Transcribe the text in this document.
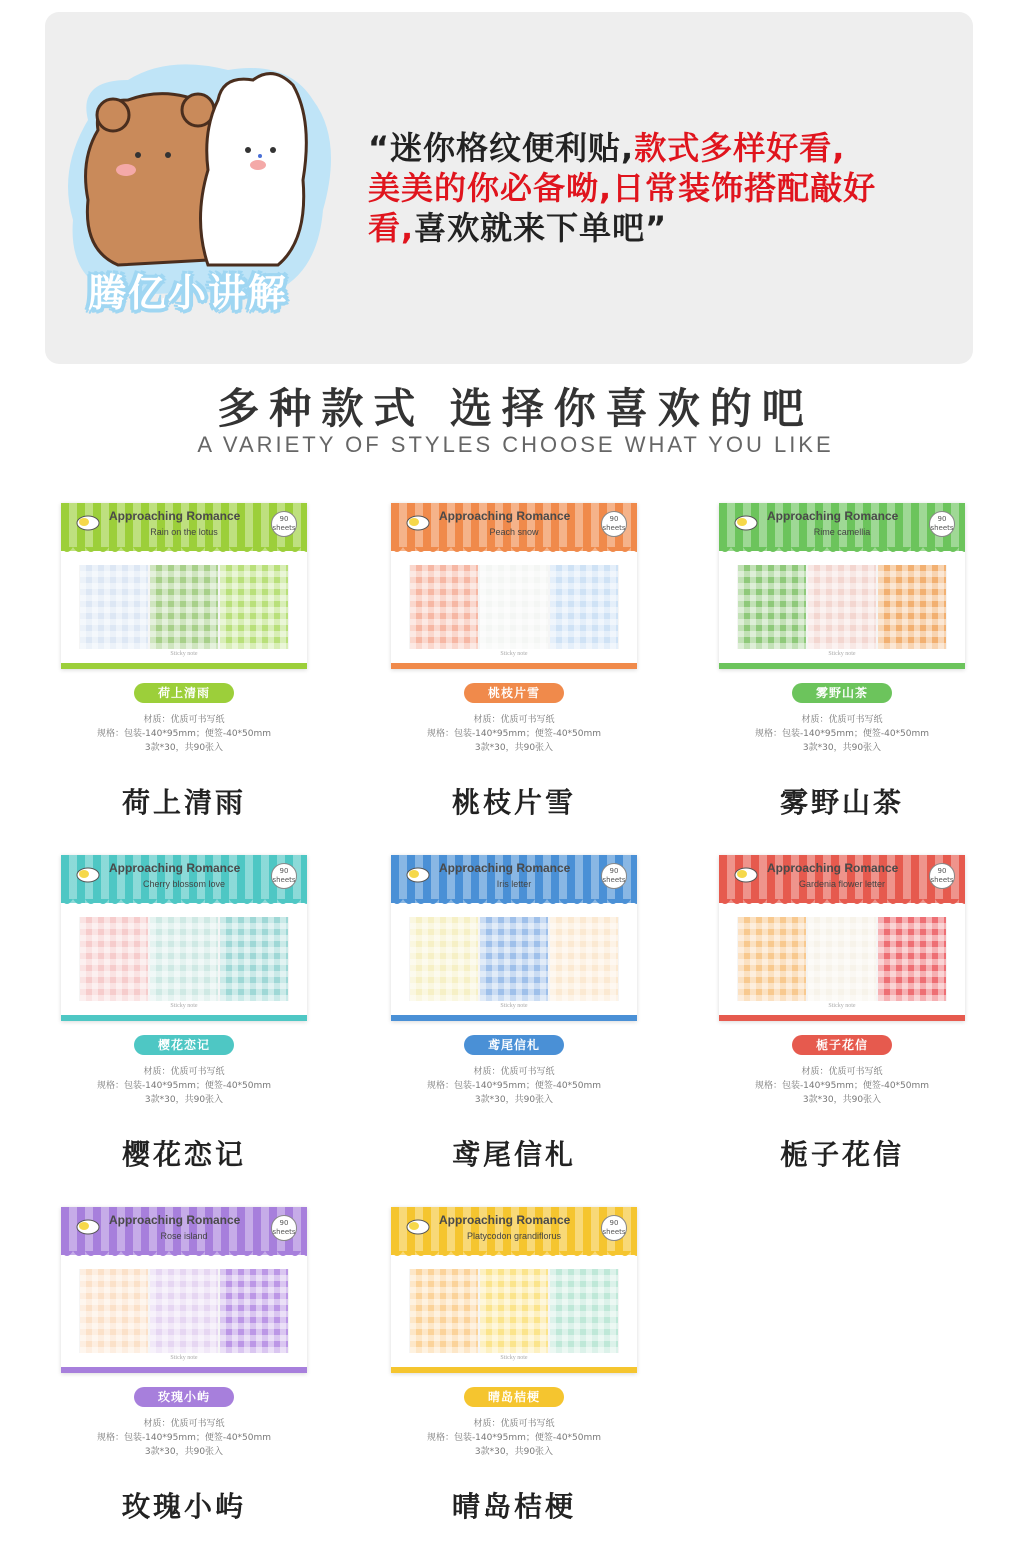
腾亿小讲解
“迷你格纹便利贴,款式多样好看,
美美的你必备呦,日常装饰搭配敲好
看,喜欢就来下单吧”
多种款式 选择你喜欢的吧
A VARIETY OF STYLES CHOOSE WHAT YOU LIKE
Approaching Romance
Rain on the lotus
90 sheets
Sticky note
荷上清雨
材质：优质可书写纸
规格：包装-140*95mm；便签-40*50mm
3款*30，共90张入
荷上清雨
Approaching Romance
Peach snow
90 sheets
Sticky note
桃枝片雪
材质：优质可书写纸
规格：包装-140*95mm；便签-40*50mm
3款*30，共90张入
桃枝片雪
Approaching Romance
Rime camellia
90 sheets
Sticky note
雾野山茶
材质：优质可书写纸
规格：包装-140*95mm；便签-40*50mm
3款*30，共90张入
雾野山茶
Approaching Romance
Cherry blossom love
90 sheets
Sticky note
樱花恋记
材质：优质可书写纸
规格：包装-140*95mm；便签-40*50mm
3款*30，共90张入
樱花恋记
Approaching Romance
Iris letter
90 sheets
Sticky note
鸢尾信札
材质：优质可书写纸
规格：包装-140*95mm；便签-40*50mm
3款*30，共90张入
鸢尾信札
Approaching Romance
Gardenia flower letter
90 sheets
Sticky note
栀子花信
材质：优质可书写纸
规格：包装-140*95mm；便签-40*50mm
3款*30，共90张入
栀子花信
Approaching Romance
Rose island
90 sheets
Sticky note
玫瑰小屿
材质：优质可书写纸
规格：包装-140*95mm；便签-40*50mm
3款*30，共90张入
玫瑰小屿
Approaching Romance
Platycodon grandiflorus
90 sheets
Sticky note
晴岛桔梗
材质：优质可书写纸
规格：包装-140*95mm；便签-40*50mm
3款*30，共90张入
晴岛桔梗
